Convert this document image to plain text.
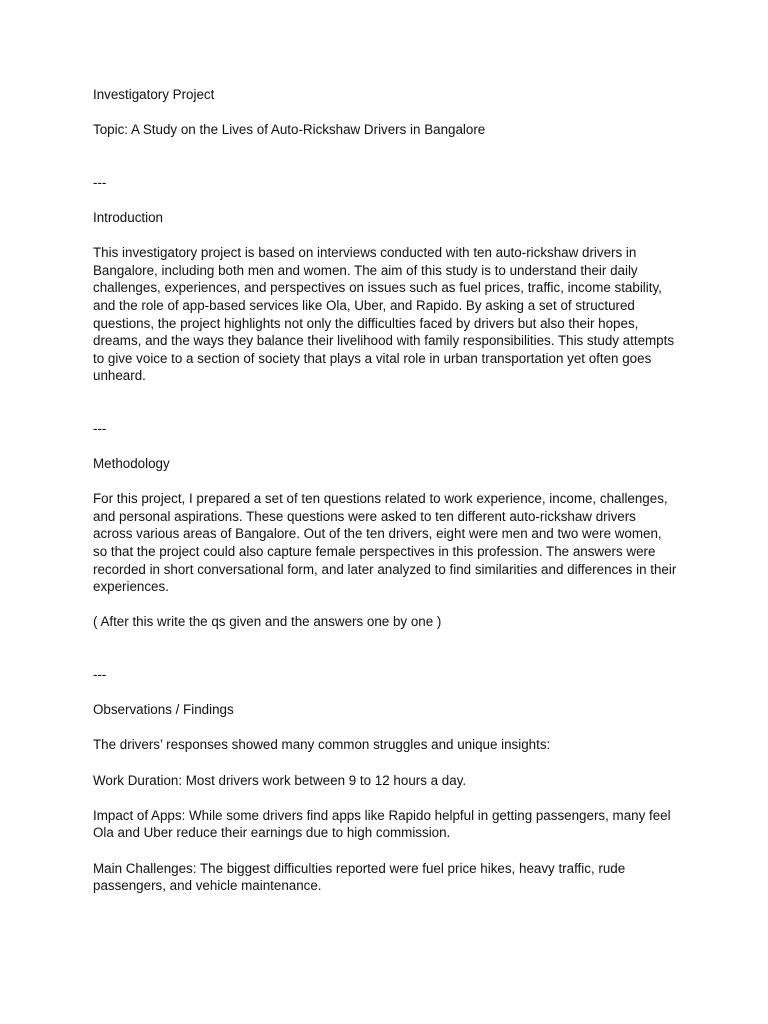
Investigatory Project

Topic: A Study on the Lives of Auto-Rickshaw Drivers in Bangalore

---

Introduction

This investigatory project is based on interviews conducted with ten auto-rickshaw drivers in Bangalore, including both men and women. The aim of this study is to understand their daily challenges, experiences, and perspectives on issues such as fuel prices, traffic, income stability, and the role of app-based services like Ola, Uber, and Rapido. By asking a set of structured questions, the project highlights not only the difficulties faced by drivers but also their hopes, dreams, and the ways they balance their livelihood with family responsibilities. This study attempts to give voice to a section of society that plays a vital role in urban transportation yet often goes unheard.

---

Methodology

For this project, I prepared a set of ten questions related to work experience, income, challenges, and personal aspirations. These questions were asked to ten different auto-rickshaw drivers across various areas of Bangalore. Out of the ten drivers, eight were men and two were women, so that the project could also capture female perspectives in this profession. The answers were recorded in short conversational form, and later analyzed to find similarities and differences in their experiences.

( After this write the qs given and the answers one by one )

---

Observations / Findings

The drivers’ responses showed many common struggles and unique insights:

Work Duration: Most drivers work between 9 to 12 hours a day.

Impact of Apps: While some drivers find apps like Rapido helpful in getting passengers, many feel Ola and Uber reduce their earnings due to high commission.

Main Challenges: The biggest difficulties reported were fuel price hikes, heavy traffic, rude passengers, and vehicle maintenance.
